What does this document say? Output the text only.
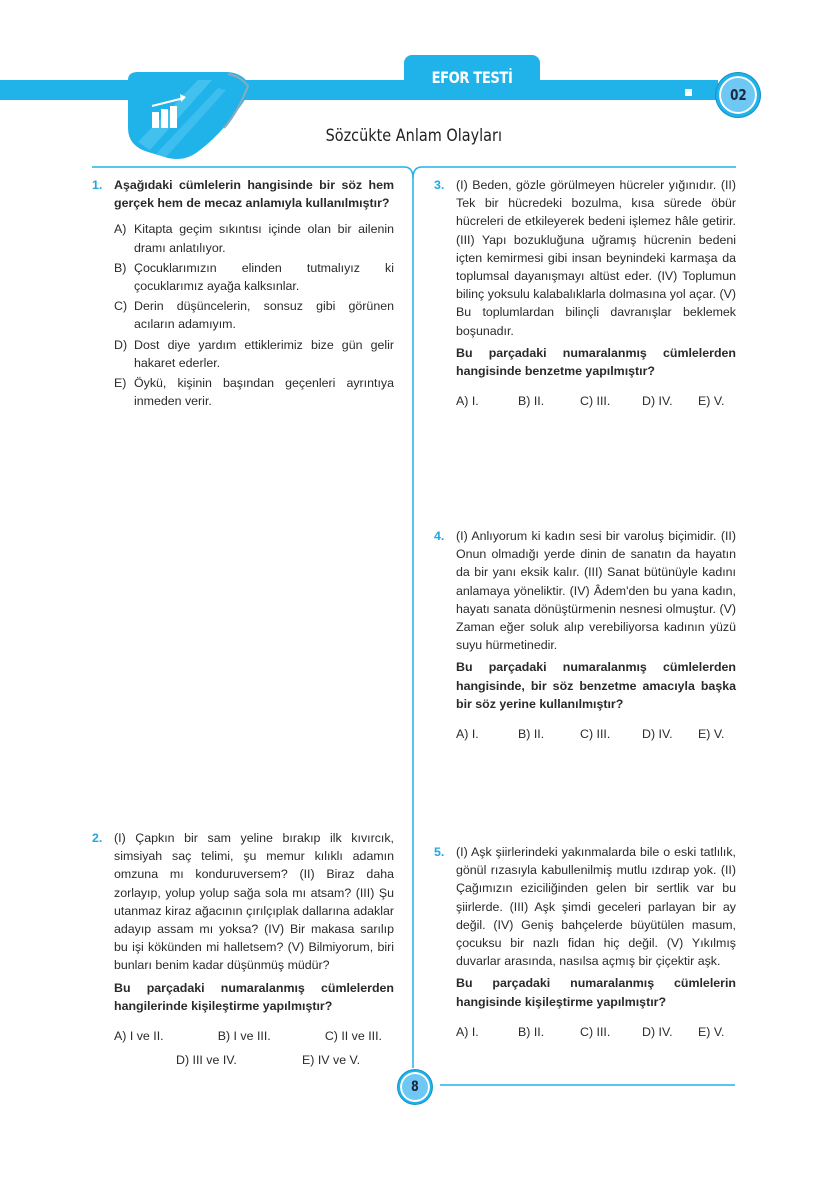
EFOR TESTİ
02
Sözcükte Anlam Olayları
1. Aşağıdaki cümlelerin hangisinde bir söz hem gerçek hem de mecaz anlamıyla kullanılmıştır?
A) Kitapta geçim sıkıntısı içinde olan bir ailenin dramı anlatılıyor.
B) Çocuklarımızın elinden tutmalıyız ki çocuklarımız ayağa kalksınlar.
C) Derin düşüncelerin, sonsuz gibi görünen acıların adamıyım.
D) Dost diye yardım ettiklerimiz bize gün gelir hakaret ederler.
E) Öykü, kişinin başından geçenleri ayrıntıya inmeden verir.
2. (I) Çapkın bir sam yeline bırakıp ilk kıvırcık, simsiyah saç telimi, şu memur kılıklı adamın omzuna mı konduruversem? (II) Biraz daha zorlayıp, yolup yolup sağa sola mı atsam? (III) Şu utanmaz kiraz ağacının çırılçıplak dallarına adaklar adayıp assam mı yoksa? (IV) Bir makasa sarılıp bu işi kökünden mi halletsem? (V) Bilmiyorum, biri bunları benim kadar düşünmüş müdür?
Bu parçadaki numaralanmış cümlelerden hangilerinde kişileştirme yapılmıştır?
A) I ve II.	B) I ve III.	C) II ve III.
D) III ve IV.	E) IV ve V.
3. (I) Beden, gözle görülmeyen hücreler yığınıdır. (II) Tek bir hücredeki bozulma, kısa sürede öbür hücreleri de etkileyerek bedeni işlemez hâle getirir. (III) Yapı bozukluğuna uğramış hücrenin bedeni içten kemirmesi gibi insan beynindeki karmaşa da toplumsal dayanışmayı altüst eder. (IV) Toplumun bilinç yoksulu kalabalıklarla dolmasına yol açar. (V) Bu toplumlardan bilinçli davranışlar beklemek boşunadır.
Bu parçadaki numaralanmış cümlelerden hangisinde benzetme yapılmıştır?
A) I.	B) II.	C) III.	D) IV.	E) V.
4. (I) Anlıyorum ki kadın sesi bir varoluş biçimidir. (II) Onun olmadığı yerde dinin de sanatın da hayatın da bir yanı eksik kalır. (III) Sanat bütünüyle kadını anlamaya yöneliktir. (IV) Âdem'den bu yana kadın, hayatı sanata dönüştürmenin nesnesi olmuştur. (V) Zaman eğer soluk alıp verebiliyorsa kadının yüzü suyu hürmetinedir.
Bu parçadaki numaralanmış cümlelerden hangisinde, bir söz benzetme amacıyla başka bir söz yerine kullanılmıştır?
A) I.	B) II.	C) III.	D) IV.	E) V.
5. (I) Aşk şiirlerindeki yakınmalarda bile o eski tatlılık, gönül rızasıyla kabullenilmiş mutlu ızdırap yok. (II) Çağımızın eziciliğinden gelen bir sertlik var bu şiirlerde. (III) Aşk şimdi geceleri parlayan bir ay değil. (IV) Geniş bahçelerde büyütülen masum, çocuksu bir nazlı fidan hiç değil. (V) Yıkılmış duvarlar arasında, nasılsa açmış bir çiçektir aşk.
Bu parçadaki numaralanmış cümlelerin hangisinde kişileştirme yapılmıştır?
A) I.	B) II.	C) III.	D) IV.	E) V.
8
